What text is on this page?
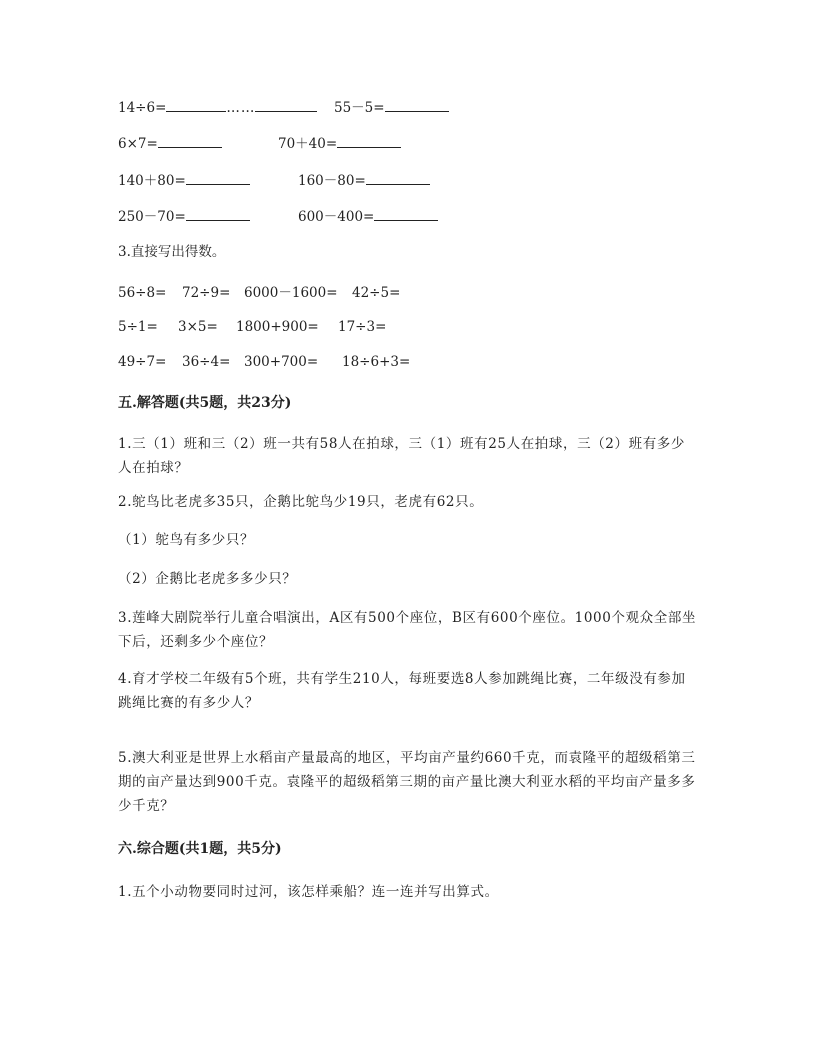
14÷6=	……	55－5=
6×7=	70＋40=
140＋80=	160－80=
250－70=	600－400=
3.直接写出得数。
56÷8= 72÷9= 6000－1600= 42÷5=
5÷1= 3×5= 1800+900= 17÷3=
49÷7= 36÷4= 300+700= 18÷6+3=
五.解答题(共5题，共23分)
1.三（1）班和三（2）班一共有58人在拍球，三（1）班有25人在拍球，三（2）班有多少人在拍球？
2.鸵鸟比老虎多35只，企鹅比鸵鸟少19只，老虎有62只。
（1）鸵鸟有多少只？
（2）企鹅比老虎多多少只？
3.莲峰大剧院举行儿童合唱演出，A区有500个座位，B区有600个座位。1000个观众全部坐下后，还剩多少个座位？
4.育才学校二年级有5个班，共有学生210人，每班要选8人参加跳绳比赛，二年级没有参加跳绳比赛的有多少人？
5.澳大利亚是世界上水稻亩产量最高的地区，平均亩产量约660千克，而袁隆平的超级稻第三期的亩产量达到900千克。袁隆平的超级稻第三期的亩产量比澳大利亚水稻的平均亩产量多多少千克？
六.综合题(共1题，共5分)
1.五个小动物要同时过河，该怎样乘船？连一连并写出算式。
